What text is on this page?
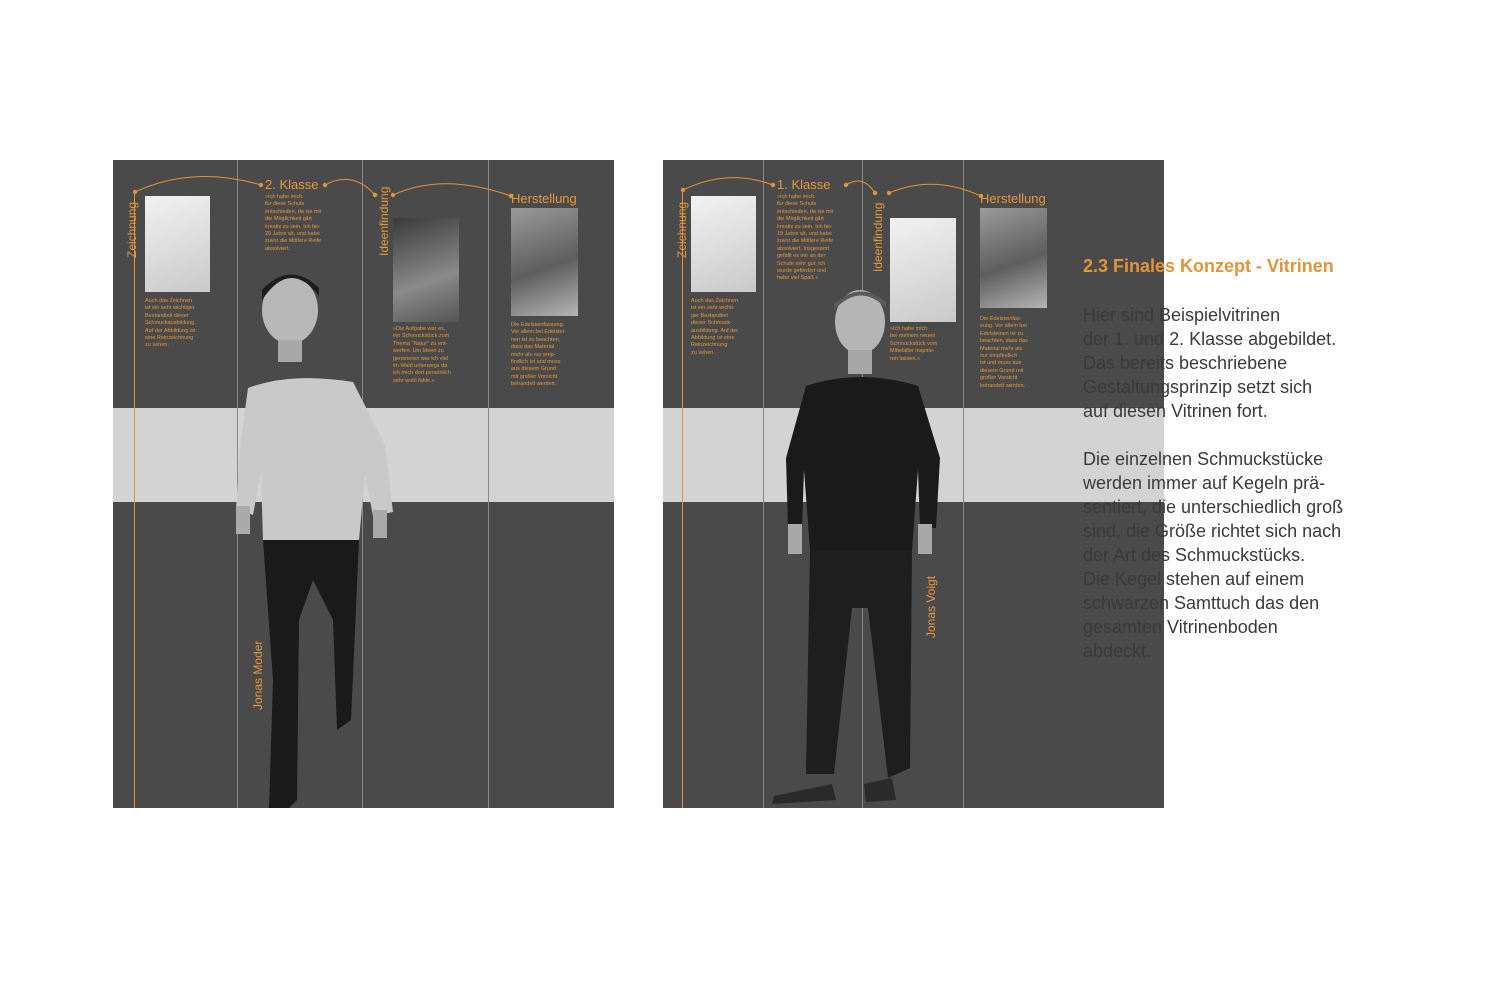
Zeichnung
2. Klasse
Ideenfindung	Herstellung
»Ich habe mich
für diese Schule
entschieden, da sie mir
die Möglichkeit gibt
kreativ zu sein. Ich bin
20 Jahre alt, und habe
zuvor die Mittlere Reife
absolviert.
Auch das Zeichnen
ist ein sehr wichtiger
Bestandteil dieser
Schmuckausbildung.
Auf der Abbildung ist
eine Reinzeichnung
zu sehen.
»Die Aufgabe war es,
ein Schmuckstück zum
Thema "Natur" zu ent-
werfen. Um Ideen zu
generieren war ich viel
im Wald unterwegs da
ich mich dort persönlich
sehr wohl fühle.«
Die Edelsteinfassung.
Vor allem bei Edelstei-
nen ist zu beachten,
dass das Material
mehr als nur emp-
findlich ist und muss
aus diesem Grund
mit großer Vorsicht
behandelt werden.
Jonas Moder
Zeichnung
1. Klasse
Ideenfindung
Herstellung
»Ich habe mich
für diese Schule
entschieden, da sie mir
die Möglichkeit gibt
kreativ zu sein. Ich bin
19 Jahre alt, und habe
zuvor die Mittlere Reife
absolviert. Insgesamt
gefällt es mir an der
Schule sehr gut, ich
wurde gefördert und
habe viel Spaß.«
Auch das Zeichnen
ist ein sehr wichti-
ger Bestandteil
dieser Schmuck-
ausbildung. Auf der
Abbildung ist eine
Reinzeichnung
zu sehen.
»Ich habe mich
bei meinem neuen
Schmuckstück vom
Mittelalter inspirie-
ren lassen.«
Die Edelsteinfas-
sung. Vor allem bei
Edelsteinen ist zu
beachten, dass das
Material mehr als
nur empfindlich
ist und muss aus
diesem Grund mit
großer Vorsicht
behandelt werden.
Jonas Voigt
2.3 Finales Konzept - Vitrinen
Hier sind Beispielvitrinen
der 1. und 2. Klasse abgebildet.
Das bereits beschriebene
Gestaltungsprinzip setzt sich
auf diesen Vitrinen fort.
Die einzelnen Schmuckstücke
werden immer auf Kegeln prä-
sentiert, die unterschiedlich groß
sind, die Größe richtet sich nach
der Art des Schmuckstücks.
Die Kegel stehen auf einem
schwarzen Samttuch das den
gesamten Vitrinenboden
abdeckt.
